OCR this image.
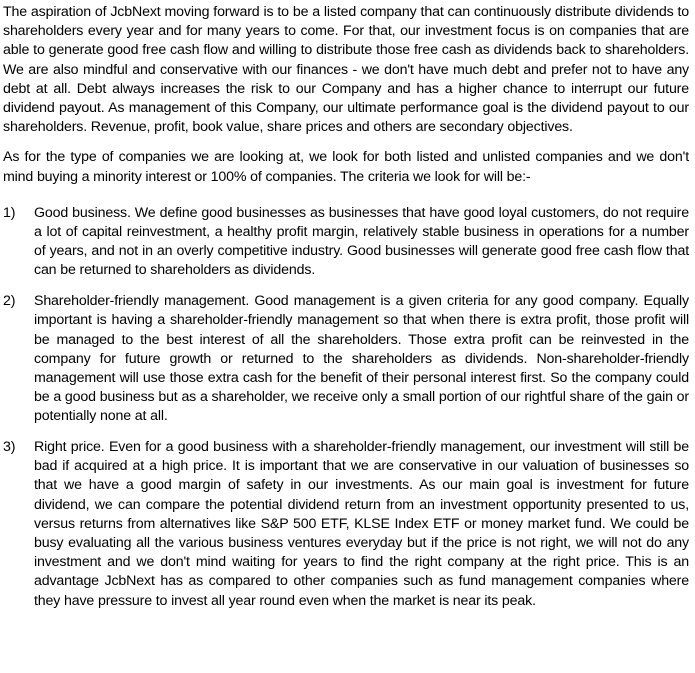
The aspiration of JcbNext moving forward is to be a listed company that can continuously distribute dividends to shareholders every year and for many years to come. For that, our investment focus is on companies that are able to generate good free cash flow and willing to distribute those free cash as dividends back to shareholders. We are also mindful and conservative with our finances - we don't have much debt and prefer not to have any debt at all. Debt always increases the risk to our Company and has a higher chance to interrupt our future dividend payout. As management of this Company, our ultimate performance goal is the dividend payout to our shareholders. Revenue, profit, book value, share prices and others are secondary objectives.

As for the type of companies we are looking at, we look for both listed and unlisted companies and we don't mind buying a minority interest or 100% of companies. The criteria we look for will be:-

1)	Good business. We define good businesses as businesses that have good loyal customers, do not require a lot of capital reinvestment, a healthy profit margin, relatively stable business in operations for a number of years, and not in an overly competitive industry. Good businesses will generate good free cash flow that can be returned to shareholders as dividends.
2)	Shareholder-friendly management. Good management is a given criteria for any good company. Equally important is having a shareholder-friendly management so that when there is extra profit, those profit will be managed to the best interest of all the shareholders. Those extra profit can be reinvested in the company for future growth or returned to the shareholders as dividends. Non-shareholder-friendly management will use those extra cash for the benefit of their personal interest first. So the company could be a good business but as a shareholder, we receive only a small portion of our rightful share of the gain or potentially none at all.
3)	Right price. Even for a good business with a shareholder-friendly management, our investment will still be bad if acquired at a high price. It is important that we are conservative in our valuation of businesses so that we have a good margin of safety in our investments. As our main goal is investment for future dividend, we can compare the potential dividend return from an investment opportunity presented to us, versus returns from alternatives like S&P 500 ETF, KLSE Index ETF or money market fund. We could be busy evaluating all the various business ventures everyday but if the price is not right, we will not do any investment and we don't mind waiting for years to find the right company at the right price. This is an advantage JcbNext has as compared to other companies such as fund management companies where they have pressure to invest all year round even when the market is near its peak.
